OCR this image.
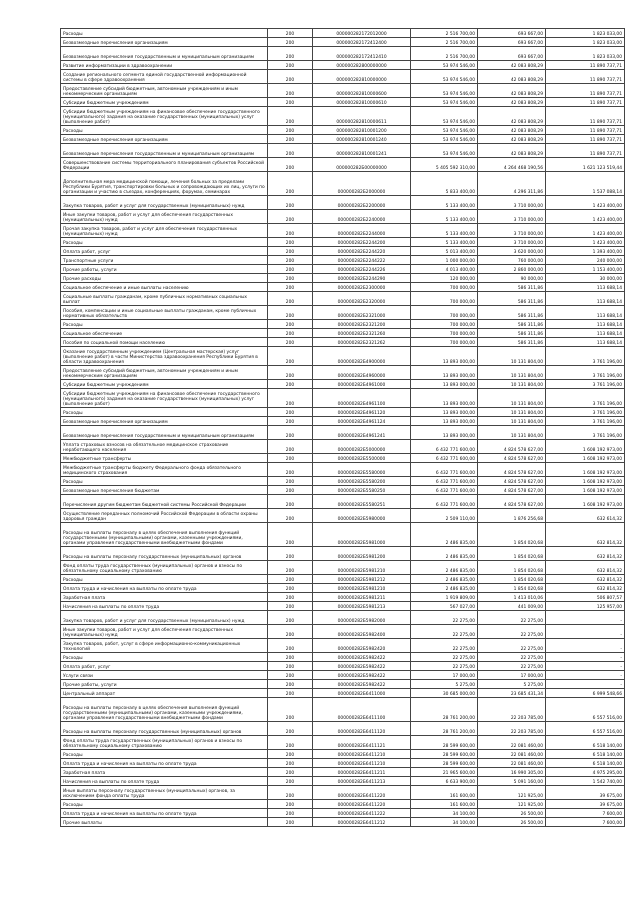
Расходы	200	000000282172012000	2 516 700,00	693 667,00	1 823 033,00
Безвозмездные перечисления организациям	200	000000282172412400	2 516 700,00	693 667,00	1 823 033,00
Безвозмездные перечисления государственным и муниципальным организациям	200	000000282172412410	2 516 700,00	693 667,00	1 823 033,00
Развитие информатизации в здравоохранении	200	000000282800000000	53 974 546,00	42 083 808,29	11 890 737,71
Создание регионального сегмента единой государственной информационной системы в сфере здравоохранения	200	000000282810000000	53 974 546,00	42 083 808,29	11 890 737,71
Предоставление субсидий бюджетным, автономным учреждениям и иным некоммерческим организациям	200	000000282810000600	53 974 546,00	42 083 808,29	11 890 737,71
Субсидии бюджетным учреждениям	200	000000282810000610	53 974 546,00	42 083 808,29	11 890 737,71
Субсидии бюджетным учреждениям на финансовое обеспечение государственного (муниципального) задания на оказание государственных (муниципальных) услуг (выполнение работ)	200	000000282810000611	53 974 546,00	42 083 808,29	11 890 737,71
Расходы	200	000000282810001200	53 974 546,00	42 083 808,29	11 890 737,71
Безвозмездные перечисления организациям	200	000000282810001240	53 974 546,00	42 083 808,29	11 890 737,71
Безвозмездные перечисления государственным и муниципальным организациям	200	000000282810001241	53 974 546,00	42 083 808,29	11 890 737,71
Совершенствование системы территориального планирования субъектов Российской Федерации	200	000000282Б00000000	5 405 592 310,00	4 264 468 190,56	1 621 123 519,44
Дополнительная мера медицинской помощи, лечения больных за пределами Республики Бурятия, транспортировки больных и сопровождающих их лиц, услуги по организации и участию в съездах, конференциях, форумах, семинарах	200	000000282Б2000000	5 833 400,00	4 296 311,86	1 537 088,14
Закупка товаров, работ и услуг для государственных (муниципальных) нужд	200	000000282Б2200000	5 133 400,00	3 710 000,00	1 423 400,00
Иные закупки товаров, работ и услуг для обеспечения государственных (муниципальных) нужд	200	000000282Б2240000	5 133 400,00	3 710 000,00	1 423 400,00
Прочая закупка товаров, работ и услуг для обеспечения государственных (муниципальных) нужд	200	000000282Б2244000	5 133 400,00	3 710 000,00	1 423 400,00
Расходы	200	000000282Б2244200	5 133 400,00	3 710 000,00	1 423 400,00
Оплата работ, услуг	200	000000282Б2244220	5 013 400,00	3 620 000,00	1 393 400,00
Транспортные услуги	200	000000282Б2244222	1 000 000,00	760 000,00	240 000,00
Прочие работы, услуги	200	000000282Б2244226	4 013 400,00	2 860 000,00	1 153 400,00
Прочие расходы	200	000000282Б2244290	120 000,00	90 000,00	30 000,00
Социальное обеспечение и иные выплаты населению	200	000000282Б2300000	700 000,00	586 311,86	113 688,14
Социальные выплаты гражданам, кроме публичных нормативных социальных выплат	200	000000282Б2320000	700 000,00	586 311,86	113 688,14
Пособия, компенсации и иные социальные выплаты гражданам, кроме публичных нормативных обязательств	200	000000282Б2321000	700 000,00	586 311,86	113 688,14
Расходы	200	000000282Б2321200	700 000,00	586 311,86	113 688,14
Социальное обеспечение	200	000000282Б2321260	700 000,00	586 311,86	113 688,14
Пособия по социальной помощи населению	200	000000282Б2321262	700 000,00	586 311,86	113 688,14
Оказание государственным учреждением (Центральная мастерская) услуг (выполнение работ) в части Министерства здравоохранения Республики Бурятия в области здравоохранения	200	000000282Б4900000	13 893 000,00	10 131 804,00	3 761 196,00
Предоставление субсидий бюджетным, автономным учреждениям и иным некоммерческим организациям	200	000000282Б4960000	13 893 000,00	10 131 804,00	3 761 196,00
Субсидии бюджетным учреждениям	200	000000282Б4961000	13 893 000,00	10 131 804,00	3 761 196,00
Субсидии бюджетным учреждениям на финансовое обеспечение государственного (муниципального) задания на оказание государственных (муниципальных) услуг (выполнение работ)	200	000000282Б4961100	13 893 000,00	10 131 804,00	3 761 196,00
Расходы	200	000000282Б4961120	13 893 000,00	10 131 804,00	3 761 196,00
Безвозмездные перечисления организациям	200	000000282Б4961124	13 893 000,00	10 131 804,00	3 761 196,00
Безвозмездные перечисления государственным и муниципальным организациям	200	000000282Б4961241	13 893 000,00	10 131 804,00	3 761 196,00
Уплата страховых взносов на обязательное медицинское страхование неработающего населения	200	000000282Б5000000	6 432 771 600,00	4 824 578 627,00	1 608 192 973,00
Межбюджетные трансферты	200	000000282Б5500000	6 432 771 600,00	4 824 578 627,00	1 608 192 973,00
Межбюджетные трансферты бюджету Федерального фонда обязательного медицинского страхования	200	000000282Б5580000	6 432 771 600,00	4 824 578 627,00	1 608 192 973,00
Расходы	200	000000282Б5580200	6 432 771 600,00	4 824 578 627,00	1 608 192 973,00
Безвозмездные перечисления бюджетам	200	000000282Б5580250	6 432 771 600,00	4 824 578 627,00	1 608 192 973,00
Перечисления другим бюджетам бюджетной системы Российской Федерации	200	000000282Б5580251	6 432 771 600,00	4 824 578 627,00	1 608 192 973,00
Осуществление переданных полномочий Российской Федерации в области охраны здоровья граждан	200	000000282Б5980000	2 509 110,00	1 876 256,68	632 614,32
Расходы на выплаты персоналу в целях обеспечения выполнения функций государственными (муниципальными) органами, казенными учреждениями, органами управления государственными внебюджетными фондами	200	000000282Б5981000	2 486 835,00	1 854 020,68	632 814,32
Расходы на выплаты персоналу государственных (муниципальных) органов	200	000000282Б5981200	2 486 835,00	1 854 020,68	632 814,32
Фонд оплаты труда государственных (муниципальных) органов и взносы по обязательному социальному страхованию	200	000000282Б5981210	2 486 835,00	1 854 020,68	632 814,32
Расходы	200	000000282Б5981212	2 486 835,00	1 854 020,68	632 814,32
Оплата труда и начисления на выплаты по оплате труда	200	000000282Б5981210	2 486 835,00	1 854 020,68	632 814,32
Заработная плата	200	000000282Б5981211	1 919 809,00	1 413 010,06	506 807,57
Начисления на выплаты по оплате труда	200	000000282Б5981213	567 027,00	441 009,00	125 957,00
Закупка товаров, работ и услуг для государственных (муниципальных) нужд	200	000000282Б5982000	22 275,00	22 275,00	-
Иные закупки товаров, работ и услуг для обеспечения государственных (муниципальных) нужд	200	000000282Б5982400	22 275,00	22 275,00	-
Закупка товаров, работ, услуг в сфере информационно-коммуникационных технологий	200	000000282Б5982420	22 275,00	22 275,00	-
Расходы	200	000000282Б5982422	22 275,00	22 275,00	-
Оплата работ, услуг	200	000000282Б5982422	22 275,00	22 275,00	-
Услуги связи	200	000000282Б5982422	17 000,00	17 000,00	-
Прочие работы, услуги	200	000000282Б5982422	5 275,00	5 275,00	-
Центральный аппарат	200	000000282Б6411000	30 685 000,00	23 685 431,34	6 999 548,66
Расходы на выплаты персоналу в целях обеспечения выполнения функций государственными (муниципальными) органами, казенными учреждениями, органами управления государственными внебюджетными фондами	200	000000282Б6411100	28 761 200,00	22 203 785,00	6 557 516,00
Расходы на выплаты персоналу государственных (муниципальных) органов	200	000000282Б6411120	28 761 200,00	22 203 785,00	6 557 516,00
Фонд оплаты труда государственных (муниципальных) органов и взносы по обязательному социальному страхованию	200	000000282Б6411121	28 599 600,00	22 081 460,00	6 518 140,00
Расходы	200	000000282Б6411210	28 599 600,00	22 081 460,00	6 518 140,00
Оплата труда и начисления на выплаты по оплате труда	200	000000282Б6411210	28 599 600,00	22 081 460,00	6 518 140,00
Заработная плата	200	000000282Б6411211	21 965 600,00	16 990 305,00	4 975 295,00
Начисления на выплаты по оплате труда	200	000000282Б6411213	6 633 900,00	5 091 160,00	1 542 740,00
Иные выплаты персоналу государственных (муниципальных) органов, за исключением фонда оплаты труда	200	000000282Б6411220	161 600,00	121 925,00	39 675,00
Расходы	200	000000282Б6411220	161 600,00	121 925,00	39 675,00
Оплата труда и начисления на выплаты по оплате труда	200	000000282Б6411222	34 100,00	26 500,00	7 600,00
Прочие выплаты	200	000000282Б6411212	34 100,00	26 500,00	7 600,00
